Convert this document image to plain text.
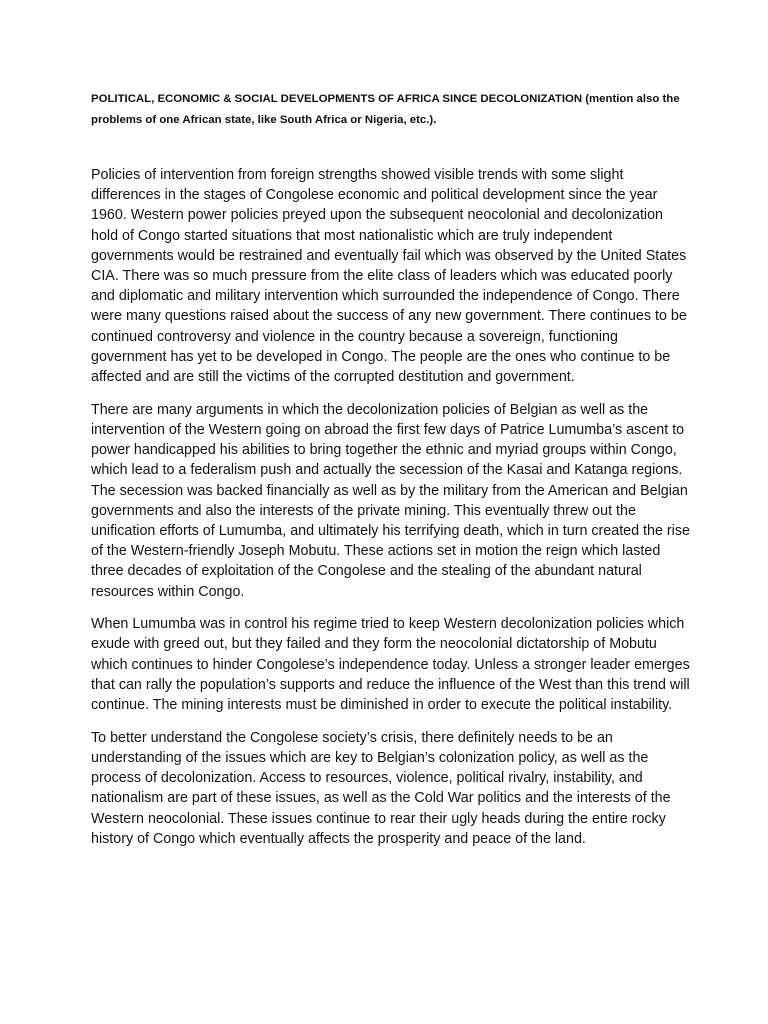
POLITICAL, ECONOMIC & SOCIAL DEVELOPMENTS OF AFRICA SINCE DECOLONIZATION (mention also the problems of one African state, like South Africa or Nigeria, etc.).

Policies of intervention from foreign strengths showed visible trends with some slight differences in the stages of Congolese economic and political development since the year 1960. Western power policies preyed upon the subsequent neocolonial and decolonization hold of Congo started situations that most nationalistic which are truly independent governments would be restrained and eventually fail which was observed by the United States CIA. There was so much pressure from the elite class of leaders which was educated poorly and diplomatic and military intervention which surrounded the independence of Congo. There were many questions raised about the success of any new government. There continues to be continued controversy and violence in the country because a sovereign, functioning government has yet to be developed in Congo. The people are the ones who continue to be affected and are still the victims of the corrupted destitution and government.

There are many arguments in which the decolonization policies of Belgian as well as the intervention of the Western going on abroad the first few days of Patrice Lumumba’s ascent to power handicapped his abilities to bring together the ethnic and myriad groups within Congo, which lead to a federalism push and actually the secession of the Kasai and Katanga regions. The secession was backed financially as well as by the military from the American and Belgian governments and also the interests of the private mining. This eventually threw out the unification efforts of Lumumba, and ultimately his terrifying death, which in turn created the rise of the Western-friendly Joseph Mobutu. These actions set in motion the reign which lasted three decades of exploitation of the Congolese and the stealing of the abundant natural resources within Congo.

When Lumumba was in control his regime tried to keep Western decolonization policies which exude with greed out, but they failed and they form the neocolonial dictatorship of Mobutu which continues to hinder Congolese’s independence today. Unless a stronger leader emerges that can rally the population’s supports and reduce the influence of the West than this trend will continue. The mining interests must be diminished in order to execute the political instability.

To better understand the Congolese society’s crisis, there definitely needs to be an understanding of the issues which are key to Belgian’s colonization policy, as well as the process of decolonization. Access to resources, violence, political rivalry, instability, and nationalism are part of these issues, as well as the Cold War politics and the interests of the Western neocolonial. These issues continue to rear their ugly heads during the entire rocky history of Congo which eventually affects the prosperity and peace of the land.
